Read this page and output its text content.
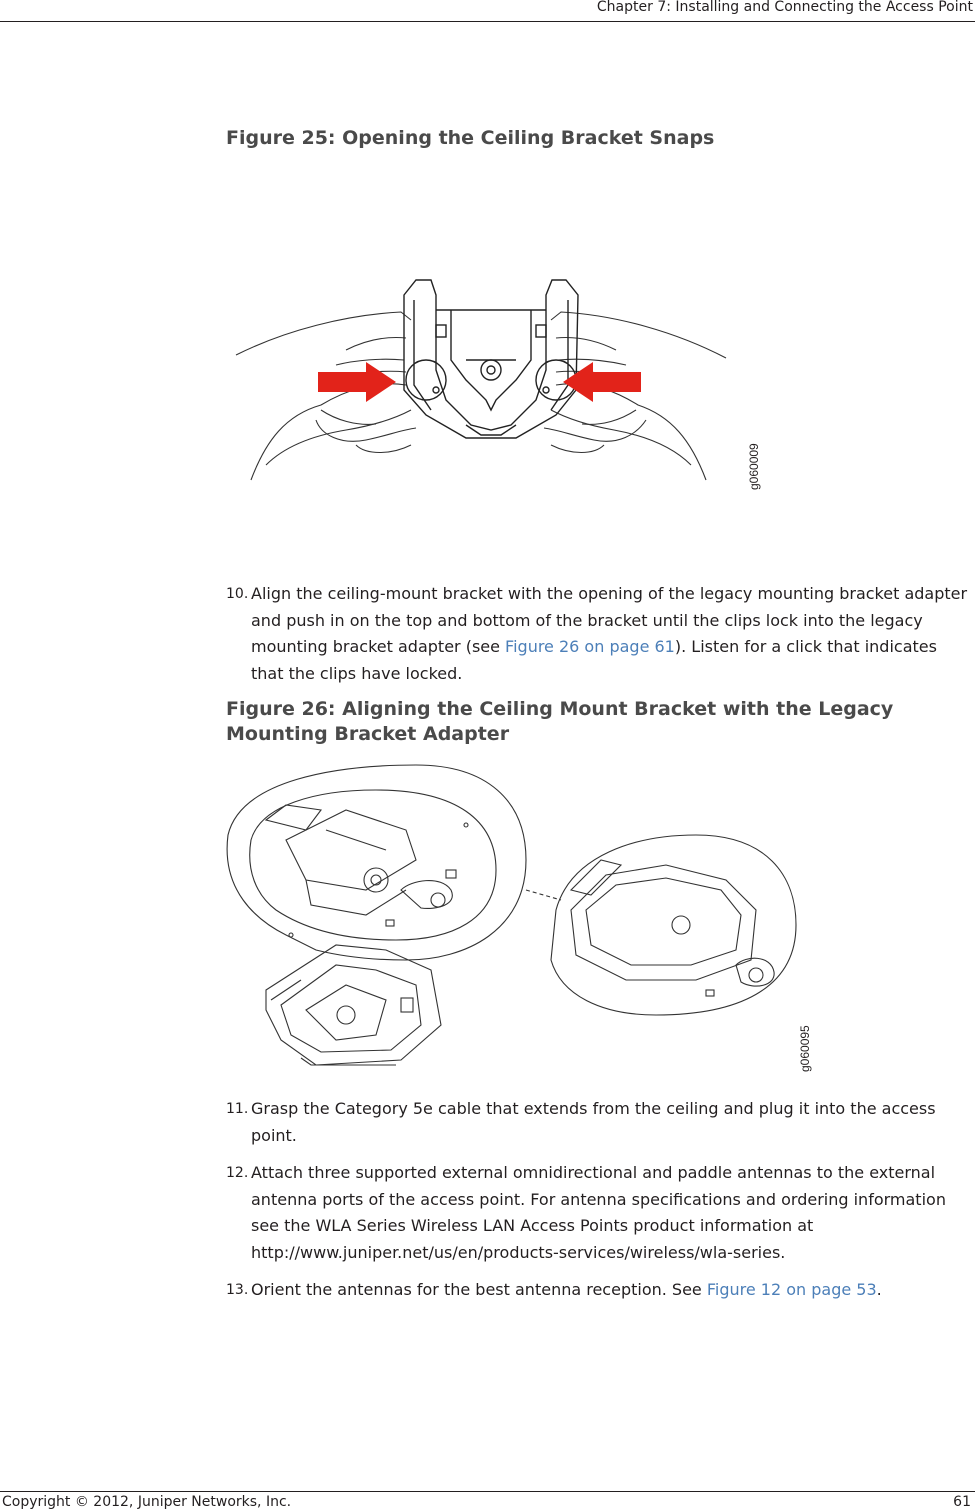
Chapter 7: Installing and Connecting the Access Point
Figure 25: Opening the Ceiling Bracket Snaps
g060009
10. Align the ceiling-mount bracket with the opening of the legacy mounting bracket adapter and push in on the top and bottom of the bracket until the clips lock into the legacy mounting bracket adapter (see Figure 26 on page 61). Listen for a click that indicates that the clips have locked.
Figure 26: Aligning the Ceiling Mount Bracket with the Legacy Mounting Bracket Adapter
g060095
11. Grasp the Category 5e cable that extends from the ceiling and plug it into the access point.
12. Attach three supported external omnidirectional and paddle antennas to the external antenna ports of the access point. For antenna specifications and ordering information see the WLA Series Wireless LAN Access Points product information at http://www.juniper.net/us/en/products-services/wireless/wla-series.
13. Orient the antennas for the best antenna reception. See Figure 12 on page 53.
Copyright © 2012, Juniper Networks, Inc.	61
